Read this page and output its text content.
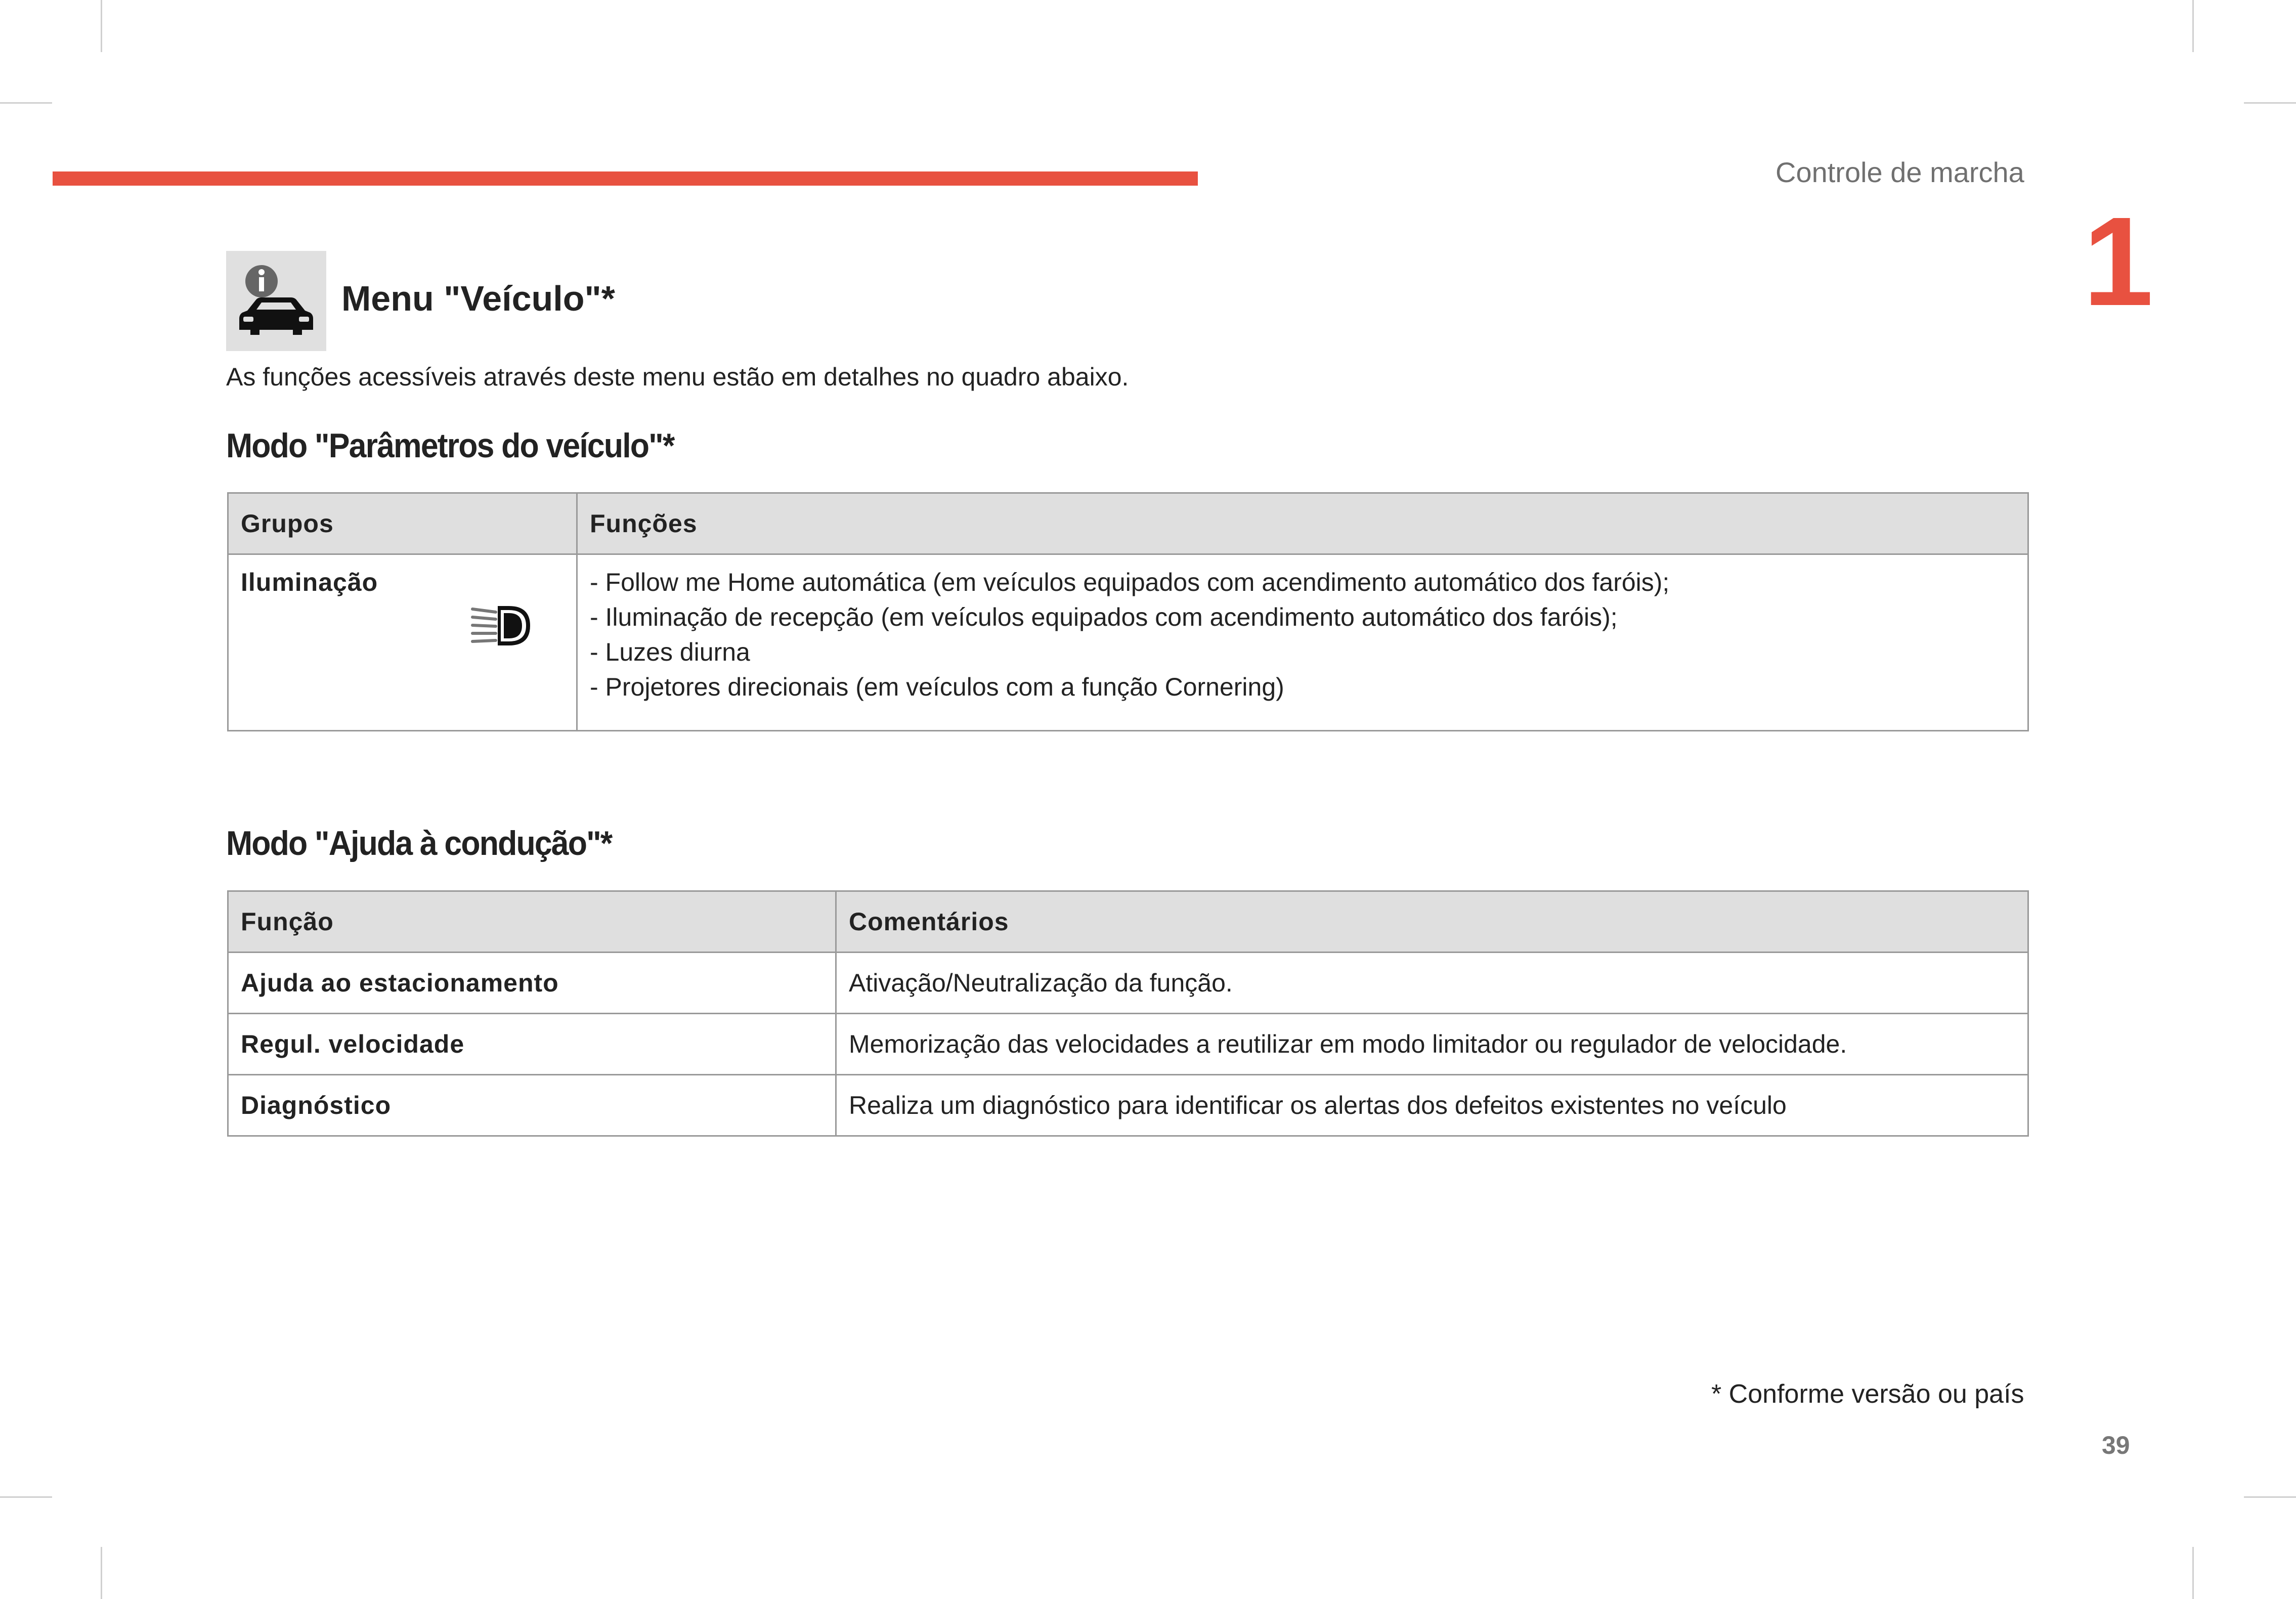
Controle de marcha
1
Menu "Veículo"*
As funções acessíveis através deste menu estão em detalhes no quadro abaixo.
Modo "Parâmetros do veículo"*
Grupos	Funções
Iluminação	- Follow me Home automática (em veículos equipados com acendimento automático dos faróis);
- Iluminação de recepção (em veículos equipados com acendimento automático dos faróis);
- Luzes diurna
- Projetores direcionais (em veículos com a função Cornering)
Modo "Ajuda à condução"*
Função	Comentários
Ajuda ao estacionamento	Ativação/Neutralização da função.
Regul. velocidade	Memorização das velocidades a reutilizar em modo limitador ou regulador de velocidade.
Diagnóstico	Realiza um diagnóstico para identificar os alertas dos defeitos existentes no veículo
* Conforme versão ou país
39
